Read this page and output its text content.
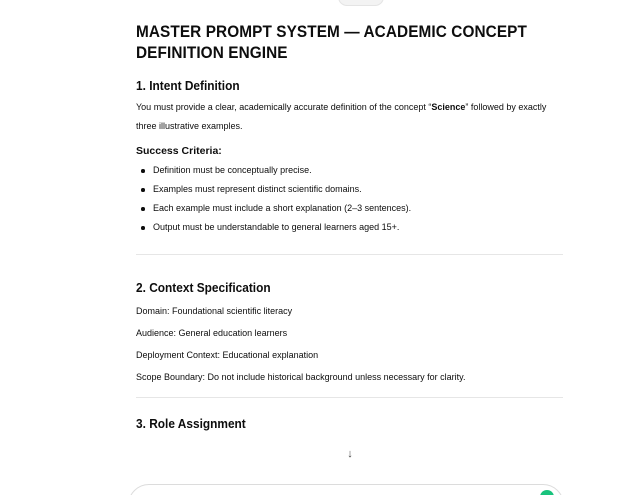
MASTER PROMPT SYSTEM — ACADEMIC CONCEPT DEFINITION ENGINE
1. Intent Definition

You must provide a clear, academically accurate definition of the concept “Science” followed by exactly three illustrative examples.

Success Criteria:
Definition must be conceptually precise.
Examples must represent distinct scientific domains.
Each example must include a short explanation (2–3 sentences).
Output must be understandable to general learners aged 15+.
2. Context Specification

Domain: Foundational scientific literacy

Audience: General education learners

Deployment Context: Educational explanation

Scope Boundary: Do not include historical background unless necessary for clarity.

3. Role Assignment
↓
